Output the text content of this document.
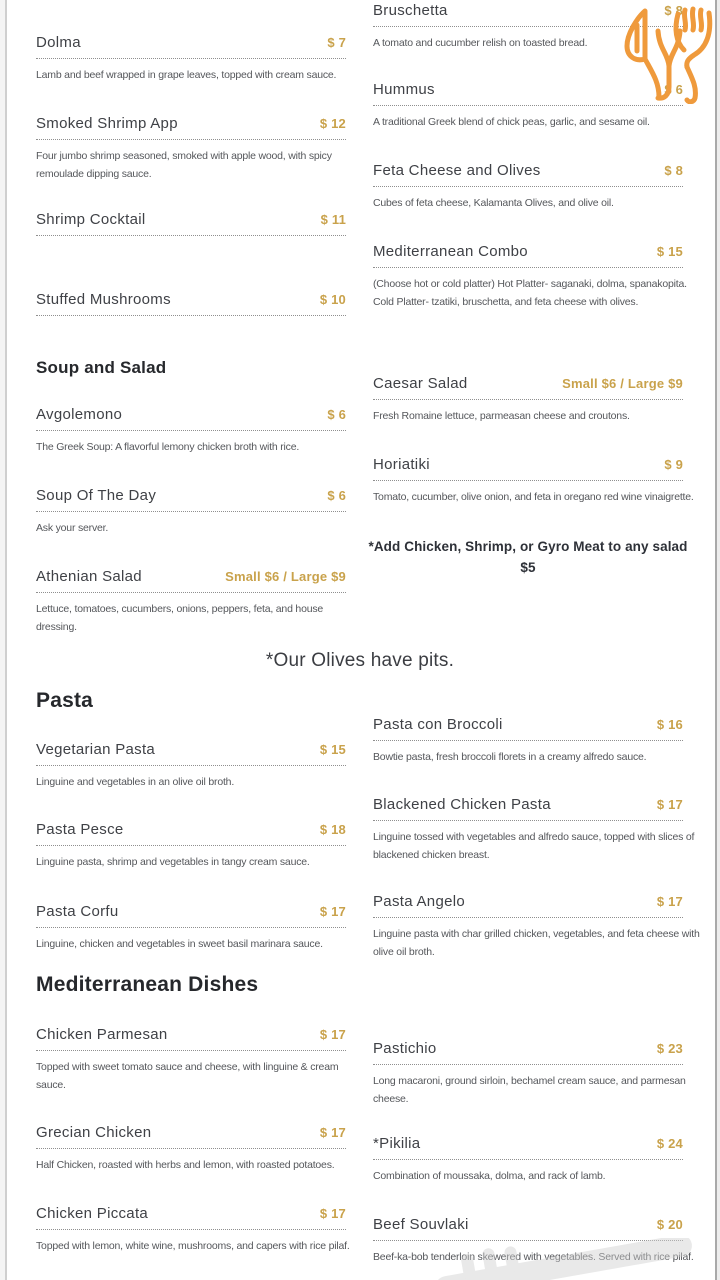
Dolma	$ 7

Lamb and beef wrapped in grape leaves, topped with cream sauce.

Smoked Shrimp App	$ 12

Four jumbo shrimp seasoned, smoked with apple wood, with spicy remoulade dipping sauce.

Shrimp Cocktail	$ 11

Stuffed Mushrooms	$ 10

Soup and Salad
Avgolemono	$ 6

The Greek Soup: A flavorful lemony chicken broth with rice.

Soup Of The Day	$ 6

Ask your server.

Athenian Salad	Small $6 / Large $9

Lettuce, tomatoes, cucumbers, onions, peppers, feta, and house dressing.

*Our Olives have pits.
Pasta
Vegetarian Pasta	$ 15

Linguine and vegetables in an olive oil broth.

Pasta Pesce	$ 18

Linguine pasta, shrimp and vegetables in tangy cream sauce.

Pasta Corfu	$ 17

Linguine, chicken and vegetables in sweet basil marinara sauce.

Mediterranean Dishes
Chicken Parmesan	$ 17

Topped with sweet tomato sauce and cheese, with linguine & cream sauce.

Grecian Chicken	$ 17

Half Chicken, roasted with herbs and lemon, with roasted potatoes.

Chicken Piccata	$ 17

Topped with lemon, white wine, mushrooms, and capers with rice pilaf.

Bruschetta	$ 8

A tomato and cucumber relish on toasted bread.

Hummus	$ 6

A traditional Greek blend of chick peas, garlic, and sesame oil.

Feta Cheese and Olives	$ 8

Cubes of feta cheese, Kalamanta Olives, and olive oil.

Mediterranean Combo	$ 15

(Choose hot or cold platter) Hot Platter- saganaki, dolma, spanakopita. Cold Platter- tzatiki, bruschetta, and feta cheese with olives.

Caesar Salad	Small $6 / Large $9

Fresh Romaine lettuce, parmeasan cheese and croutons.

Horiatiki	$ 9

Tomato, cucumber, olive onion, and feta in oregano red wine vinaigrette.

*Add Chicken, Shrimp, or Gyro Meat to any salad
$5
Pasta con Broccoli	$ 16

Bowtie pasta, fresh broccoli florets in a creamy alfredo sauce.

Blackened Chicken Pasta	$ 17

Linguine tossed with vegetables and alfredo sauce, topped with slices of blackened chicken breast.

Pasta Angelo	$ 17

Linguine pasta with char grilled chicken, vegetables, and feta cheese with olive oil broth.

Pastichio	$ 23

Long macaroni, ground sirloin, bechamel cream sauce, and parmesan cheese.

*Pikilia	$ 24

Combination of moussaka, dolma, and rack of lamb.

Beef Souvlaki	$ 20

Beef-ka-bob tenderloin skewered with vegetables. Served with rice pilaf.
